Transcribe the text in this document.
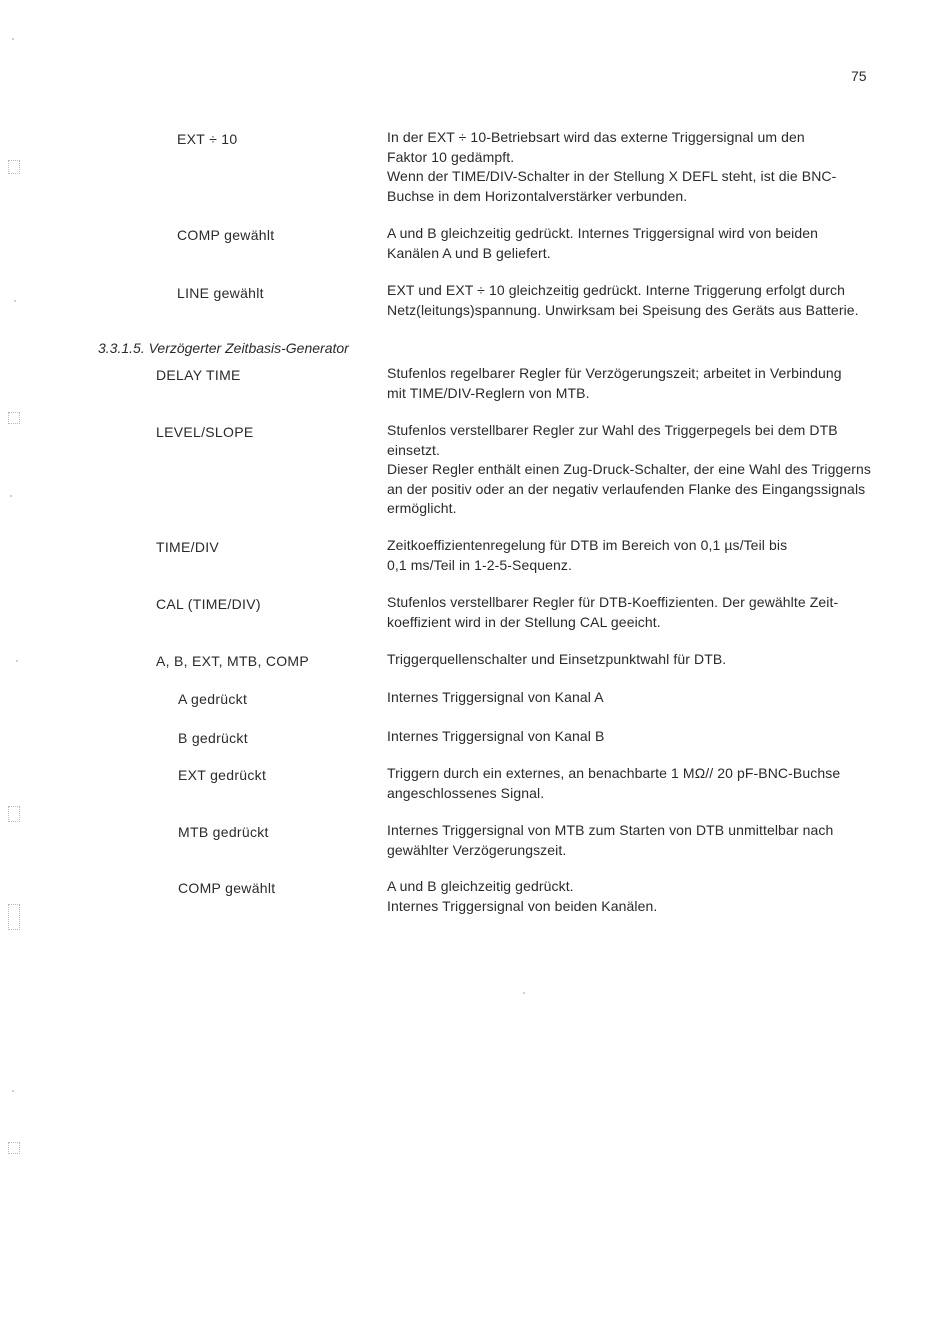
75
3.3.1.5. Verzögerter Zeitbasis-Generator
EXT ÷ 10	In der EXT ÷ 10-Betriebsart wird das externe Triggersignal um den
Faktor 10 gedämpft.
Wenn der TIME/DIV-Schalter in der Stellung X DEFL steht, ist die BNC-
Buchse in dem Horizontalverstärker verbunden.
COMP gewählt	A und B gleichzeitig gedrückt. Internes Triggersignal wird von beiden
Kanälen A und B geliefert.
LINE gewählt	EXT und EXT ÷ 10 gleichzeitig gedrückt. Interne Triggerung erfolgt durch
Netz(leitungs)spannung. Unwirksam bei Speisung des Geräts aus Batterie.
DELAY TIME	Stufenlos regelbarer Regler für Verzögerungszeit; arbeitet in Verbindung
mit TIME/DIV-Reglern von MTB.
LEVEL/SLOPE	Stufenlos verstellbarer Regler zur Wahl des Triggerpegels bei dem DTB
einsetzt.
Dieser Regler enthält einen Zug-Druck-Schalter, der eine Wahl des Triggerns
an der positiv oder an der negativ verlaufenden Flanke des Eingangssignals
ermöglicht.
TIME/DIV	Zeitkoeffizientenregelung für DTB im Bereich von 0,1 µs/Teil bis
0,1 ms/Teil in 1-2-5-Sequenz.
CAL (TIME/DIV)	Stufenlos verstellbarer Regler für DTB-Koeffizienten. Der gewählte Zeit-
koeffizient wird in der Stellung CAL geeicht.
A, B, EXT, MTB, COMP	Triggerquellenschalter und Einsetzpunktwahl für DTB.
A gedrückt	Internes Triggersignal von Kanal A
B gedrückt	Internes Triggersignal von Kanal B
EXT gedrückt	Triggern durch ein externes, an benachbarte 1 MΩ// 20 pF-BNC-Buchse
angeschlossenes Signal.
MTB gedrückt	Internes Triggersignal von MTB zum Starten von DTB unmittelbar nach
gewählter Verzögerungszeit.
COMP gewählt	A und B gleichzeitig gedrückt.
Internes Triggersignal von beiden Kanälen.
